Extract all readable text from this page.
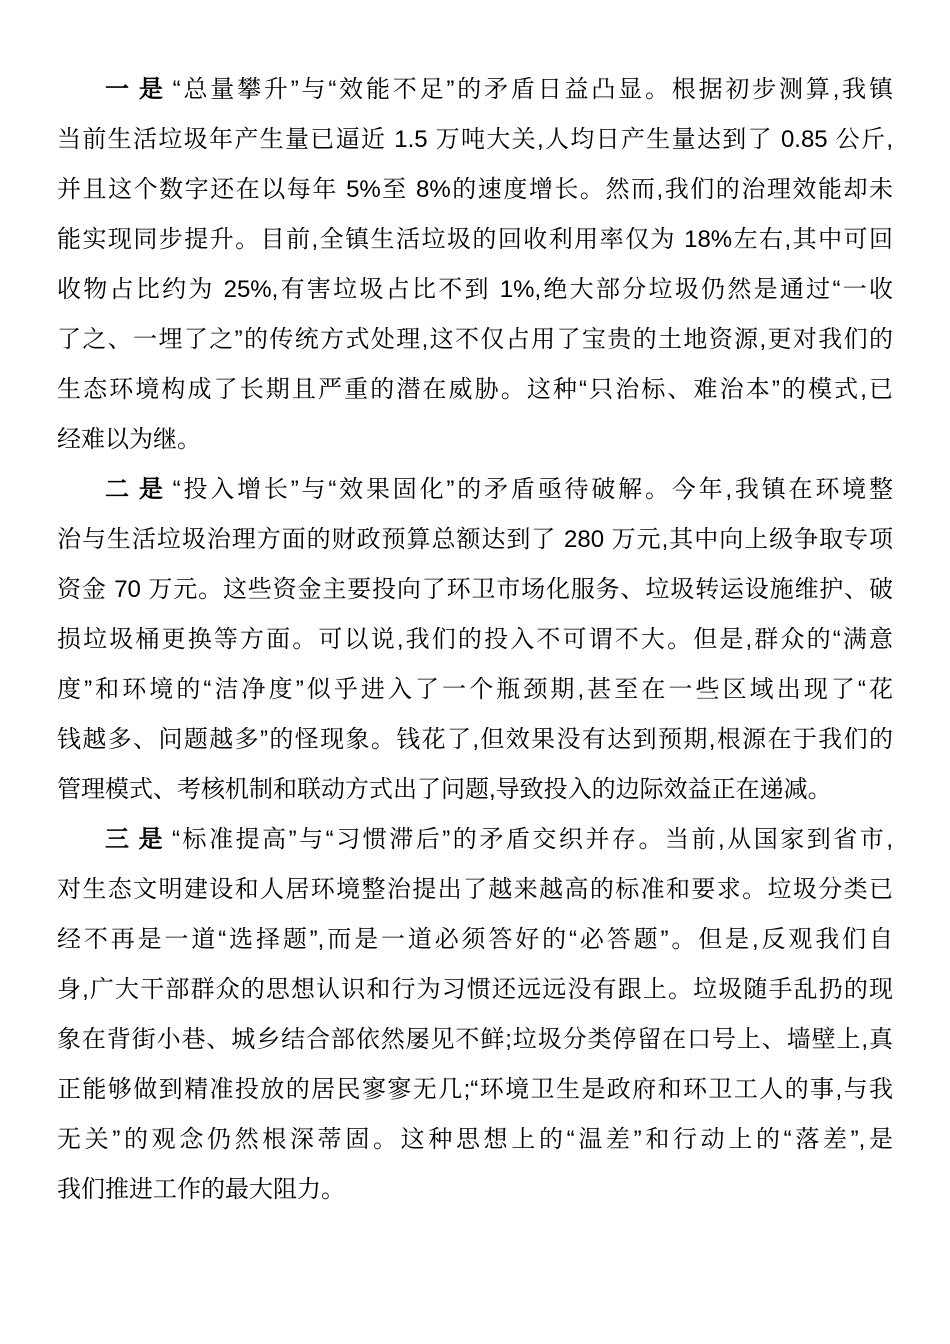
一是“总量攀升”与“效能不足”的矛盾日益凸显。根据初步测算,我镇
当前生活垃圾年产生量已逼近 1.5 万吨大关,人均日产生量达到了 0.85 公斤,
并且这个数字还在以每年 5%至 8%的速度增长。然而,我们的治理效能却未
能实现同步提升。目前,全镇生活垃圾的回收利用率仅为 18%左右,其中可回
收物占比约为 25%,有害垃圾占比不到 1%,绝大部分垃圾仍然是通过“一收
了之、一埋了之”的传统方式处理,这不仅占用了宝贵的土地资源,更对我们的
生态环境构成了长期且严重的潜在威胁。这种“只治标、难治本”的模式,已
经难以为继。
二是“投入增长”与“效果固化”的矛盾亟待破解。今年,我镇在环境整
治与生活垃圾治理方面的财政预算总额达到了 280 万元,其中向上级争取专项
资金 70 万元。这些资金主要投向了环卫市场化服务、垃圾转运设施维护、破
损垃圾桶更换等方面。可以说,我们的投入不可谓不大。但是,群众的“满意
度”和环境的“洁净度”似乎进入了一个瓶颈期,甚至在一些区域出现了“花
钱越多、问题越多”的怪现象。钱花了,但效果没有达到预期,根源在于我们的
管理模式、考核机制和联动方式出了问题,导致投入的边际效益正在递减。
三是“标准提高”与“习惯滞后”的矛盾交织并存。当前,从国家到省市,
对生态文明建设和人居环境整治提出了越来越高的标准和要求。垃圾分类已
经不再是一道“选择题”,而是一道必须答好的“必答题”。但是,反观我们自
身,广大干部群众的思想认识和行为习惯还远远没有跟上。垃圾随手乱扔的现
象在背街小巷、城乡结合部依然屡见不鲜;垃圾分类停留在口号上、墙壁上,真
正能够做到精准投放的居民寥寥无几;“环境卫生是政府和环卫工人的事,与我
无关”的观念仍然根深蒂固。这种思想上的“温差”和行动上的“落差”,是
我们推进工作的最大阻力。
